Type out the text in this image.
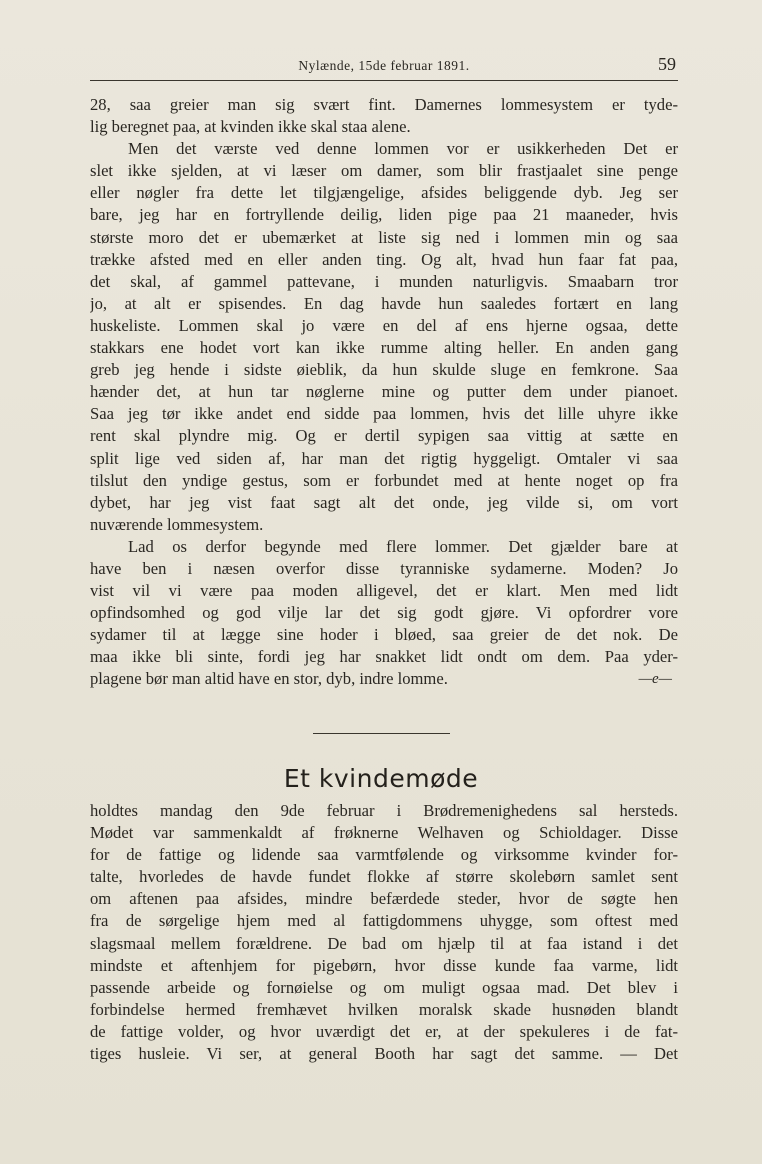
Nylænde, 15de februar 1891.	59
28, saa greier man sig svært fint. Damernes lommesystem er tyde-
lig beregnet paa, at kvinden ikke skal staa alene.
Men det værste ved denne lommen vor er usikkerheden Det er
slet ikke sjelden, at vi læser om damer, som blir frastjaalet sine penge
eller nøgler fra dette let tilgjængelige, afsides beliggende dyb. Jeg ser
bare, jeg har en fortryllende deilig, liden pige paa 21 maaneder, hvis
største moro det er ubemærket at liste sig ned i lommen min og saa
trække afsted med en eller anden ting. Og alt, hvad hun faar fat paa,
det skal, af gammel pattevane, i munden naturligvis. Smaabarn tror
jo, at alt er spisendes. En dag havde hun saaledes fortært en lang
huskeliste. Lommen skal jo være en del af ens hjerne ogsaa, dette
stakkars ene hodet vort kan ikke rumme alting heller. En anden gang
greb jeg hende i sidste øieblik, da hun skulde sluge en femkrone. Saa
hænder det, at hun tar nøglerne mine og putter dem under pianoet.
Saa jeg tør ikke andet end sidde paa lommen, hvis det lille uhyre ikke
rent skal plyndre mig. Og er dertil sypigen saa vittig at sætte en
split lige ved siden af, har man det rigtig hyggeligt. Omtaler vi saa
tilslut den yndige gestus, som er forbundet med at hente noget op fra
dybet, har jeg vist faat sagt alt det onde, jeg vilde si, om vort
nuværende lommesystem.
Lad os derfor begynde med flere lommer. Det gjælder bare at
have ben i næsen overfor disse tyranniske sydamerne. Moden? Jo
vist vil vi være paa moden alligevel, det er klart. Men med lidt
opfindsomhed og god vilje lar det sig godt gjøre. Vi opfordrer vore
sydamer til at lægge sine hoder i bløed, saa greier de det nok. De
maa ikke bli sinte, fordi jeg har snakket lidt ondt om dem. Paa yder-
plagene bør man altid have en stor, dyb, indre lomme.	—e—
Et kvindemøde
holdtes mandag den 9de februar i Brødremenighedens sal hersteds.
Mødet var sammenkaldt af frøknerne Welhaven og Schioldager. Disse
for de fattige og lidende saa varmtfølende og virksomme kvinder for-
talte, hvorledes de havde fundet flokke af større skolebørn samlet sent
om aftenen paa afsides, mindre befærdede steder, hvor de søgte hen
fra de sørgelige hjem med al fattigdommens uhygge, som oftest med
slagsmaal mellem forældrene. De bad om hjælp til at faa istand i det
mindste et aftenhjem for pigebørn, hvor disse kunde faa varme, lidt
passende arbeide og fornøielse og om muligt ogsaa mad. Det blev i
forbindelse hermed fremhævet hvilken moralsk skade husnøden blandt
de fattige volder, og hvor uværdigt det er, at der spekuleres i de fat-
tiges husleie. Vi ser, at general Booth har sagt det samme. — Det
